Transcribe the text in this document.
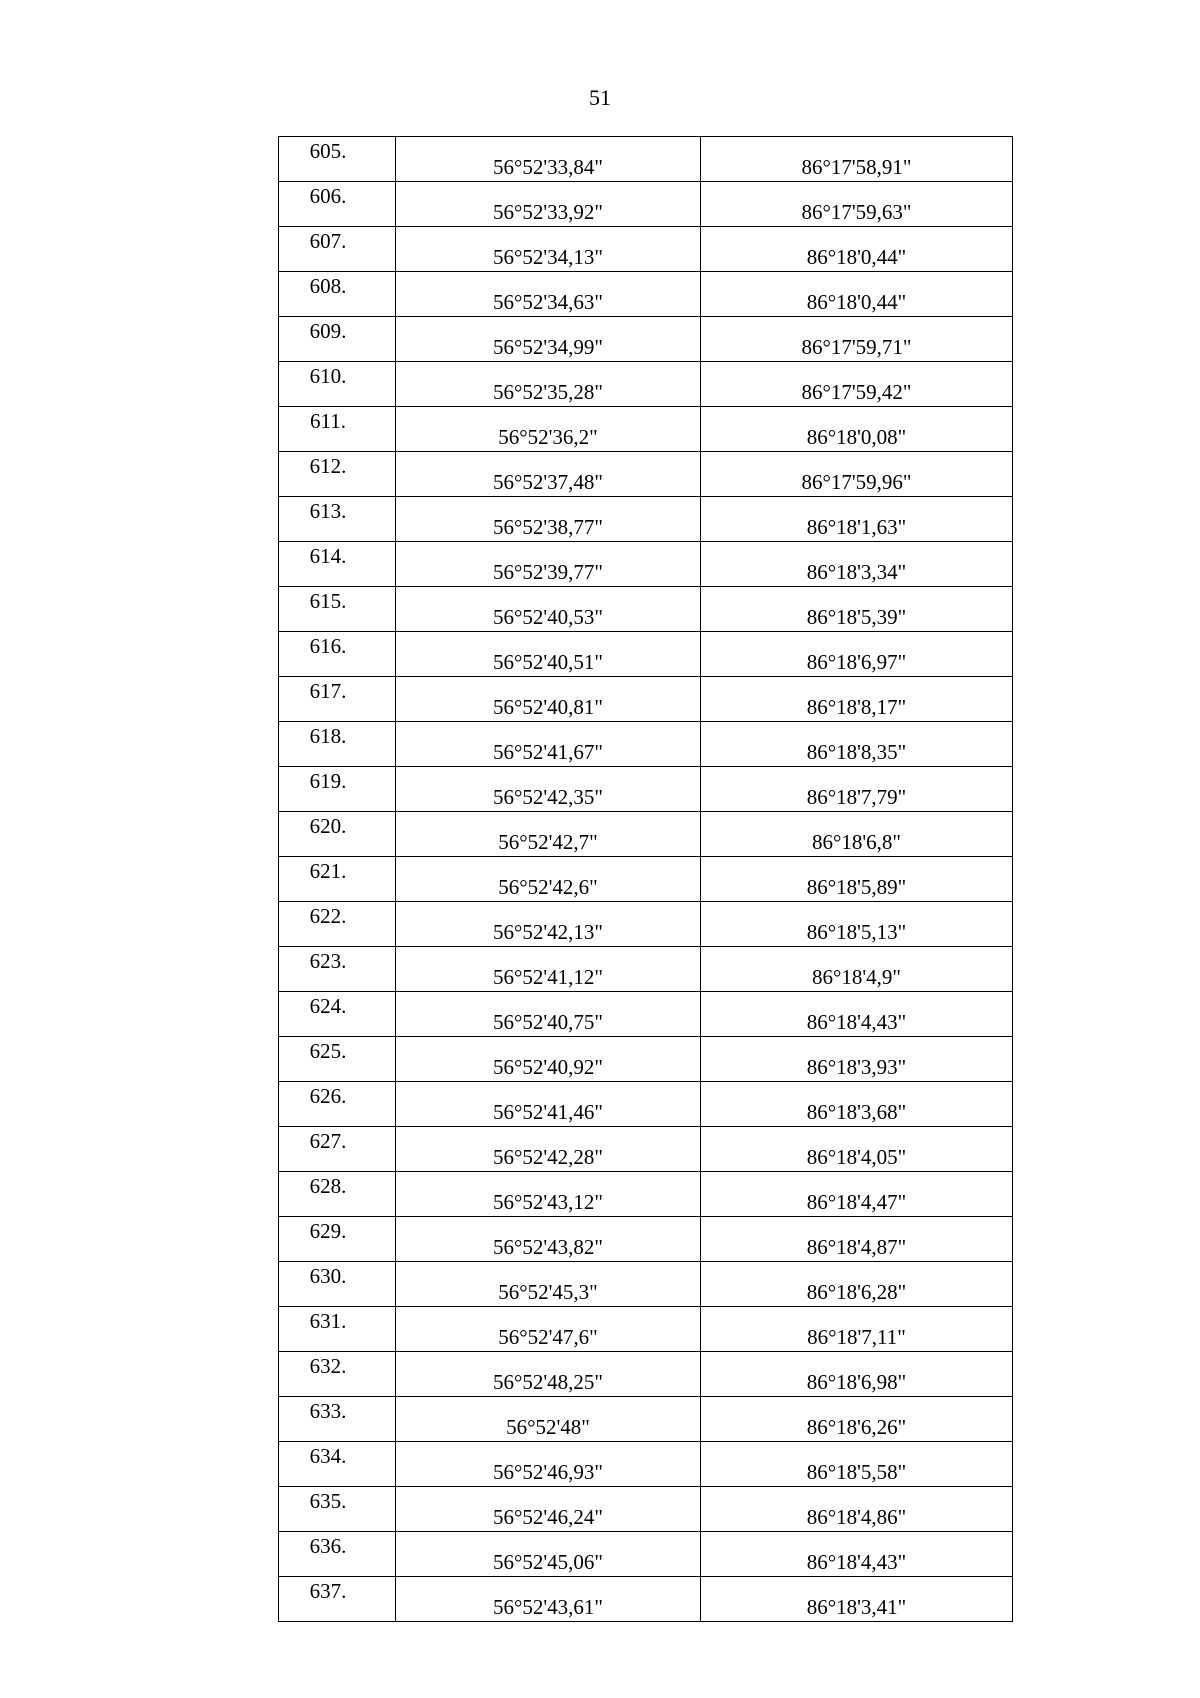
51
605.	56°52'33,84"	86°17'58,91"
606.	56°52'33,92"	86°17'59,63"
607.	56°52'34,13"	86°18'0,44"
608.	56°52'34,63"	86°18'0,44"
609.	56°52'34,99"	86°17'59,71"
610.	56°52'35,28"	86°17'59,42"
611.	56°52'36,2"	86°18'0,08"
612.	56°52'37,48"	86°17'59,96"
613.	56°52'38,77"	86°18'1,63"
614.	56°52'39,77"	86°18'3,34"
615.	56°52'40,53"	86°18'5,39"
616.	56°52'40,51"	86°18'6,97"
617.	56°52'40,81"	86°18'8,17"
618.	56°52'41,67"	86°18'8,35"
619.	56°52'42,35"	86°18'7,79"
620.	56°52'42,7"	86°18'6,8"
621.	56°52'42,6"	86°18'5,89"
622.	56°52'42,13"	86°18'5,13"
623.	56°52'41,12"	86°18'4,9"
624.	56°52'40,75"	86°18'4,43"
625.	56°52'40,92"	86°18'3,93"
626.	56°52'41,46"	86°18'3,68"
627.	56°52'42,28"	86°18'4,05"
628.	56°52'43,12"	86°18'4,47"
629.	56°52'43,82"	86°18'4,87"
630.	56°52'45,3"	86°18'6,28"
631.	56°52'47,6"	86°18'7,11"
632.	56°52'48,25"	86°18'6,98"
633.	56°52'48"	86°18'6,26"
634.	56°52'46,93"	86°18'5,58"
635.	56°52'46,24"	86°18'4,86"
636.	56°52'45,06"	86°18'4,43"
637.	56°52'43,61"	86°18'3,41"
